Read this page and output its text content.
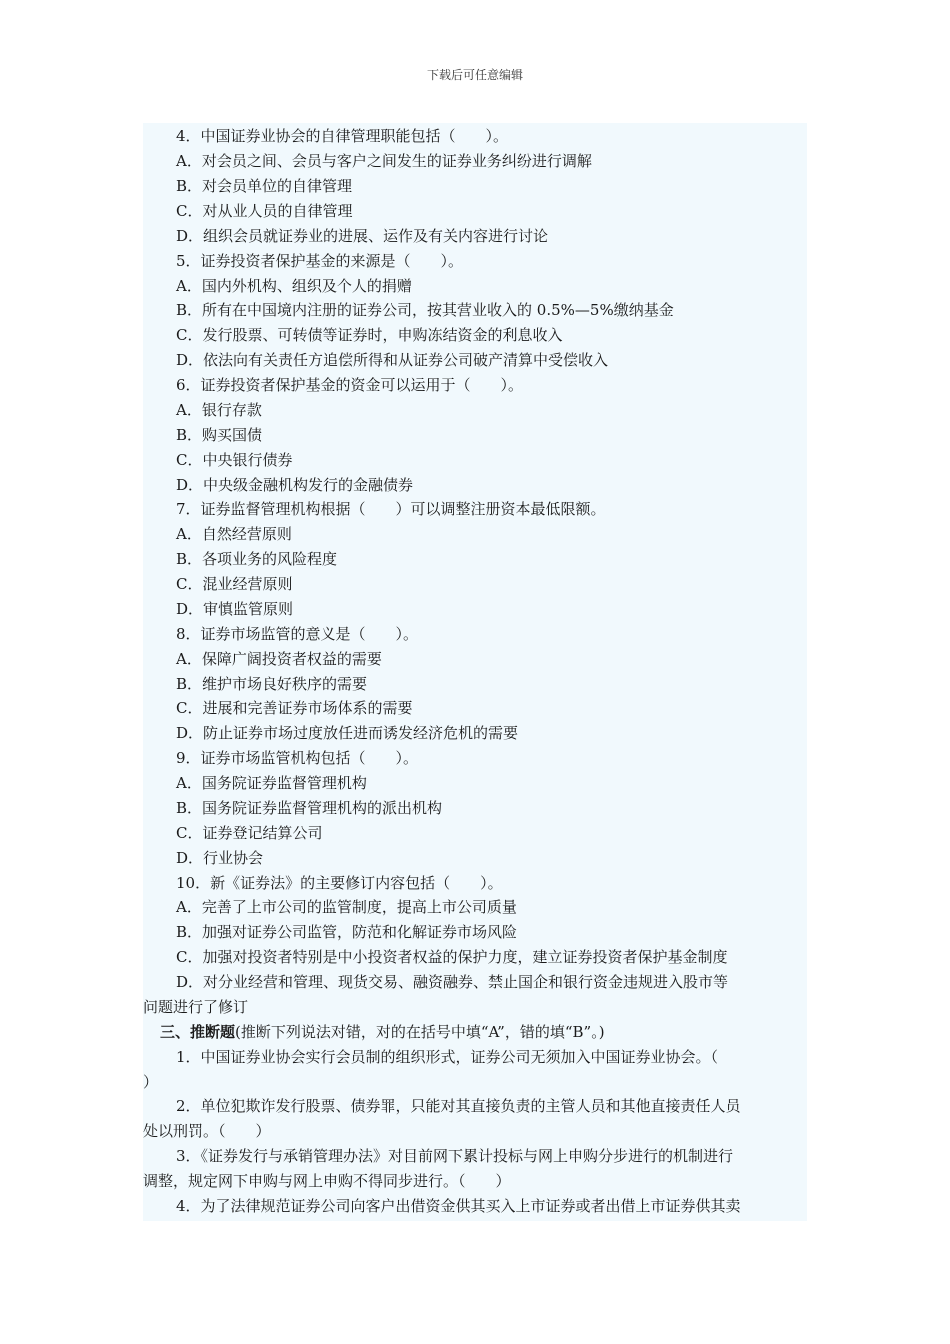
下载后可任意编辑
4．中国证券业协会的自律管理职能包括（　　）。
A．对会员之间、会员与客户之间发生的证券业务纠纷进行调解
B．对会员单位的自律管理
C．对从业人员的自律管理
D．组织会员就证券业的进展、运作及有关内容进行讨论
5．证券投资者保护基金的来源是（　　）。
A．国内外机构、组织及个人的捐赠
B．所有在中国境内注册的证券公司，按其营业收入的 0.5%—5%缴纳基金
C．发行股票、可转债等证券时，申购冻结资金的利息收入
D．依法向有关责任方追偿所得和从证券公司破产清算中受偿收入
6．证券投资者保护基金的资金可以运用于（　　）。
A．银行存款
B．购买国债
C．中央银行债券
D．中央级金融机构发行的金融债券
7．证券监督管理机构根据（　　）可以调整注册资本最低限额。
A．自然经营原则
B．各项业务的风险程度
C．混业经营原则
D．审慎监管原则
8．证券市场监管的意义是（　　）。
A．保障广阔投资者权益的需要
B．维护市场良好秩序的需要
C．进展和完善证券市场体系的需要
D．防止证券市场过度放任进而诱发经济危机的需要
9．证券市场监管机构包括（　　）。
A．国务院证券监督管理机构
B．国务院证券监督管理机构的派出机构
C．证券登记结算公司
D．行业协会
10．新《证券法》的主要修订内容包括（　　）。
A．完善了上市公司的监管制度，提高上市公司质量
B．加强对证券公司监管，防范和化解证券市场风险
C．加强对投资者特别是中小投资者权益的保护力度，建立证券投资者保护基金制度
D．对分业经营和管理、现货交易、融资融券、禁止国企和银行资金违规进入股市等
问题进行了修订
三、推断题(推断下列说法对错，对的在括号中填“A”，错的填“B”。)
1．中国证券业协会实行会员制的组织形式，证券公司无须加入中国证券业协会。（
）
2．单位犯欺诈发行股票、债券罪，只能对其直接负责的主管人员和其他直接责任人员
处以刑罚。（　　）
3．《证券发行与承销管理办法》对目前网下累计投标与网上申购分步进行的机制进行
调整，规定网下申购与网上申购不得同步进行。（　　）
4．为了法律规范证券公司向客户出借资金供其买入上市证券或者出借上市证券供其卖
